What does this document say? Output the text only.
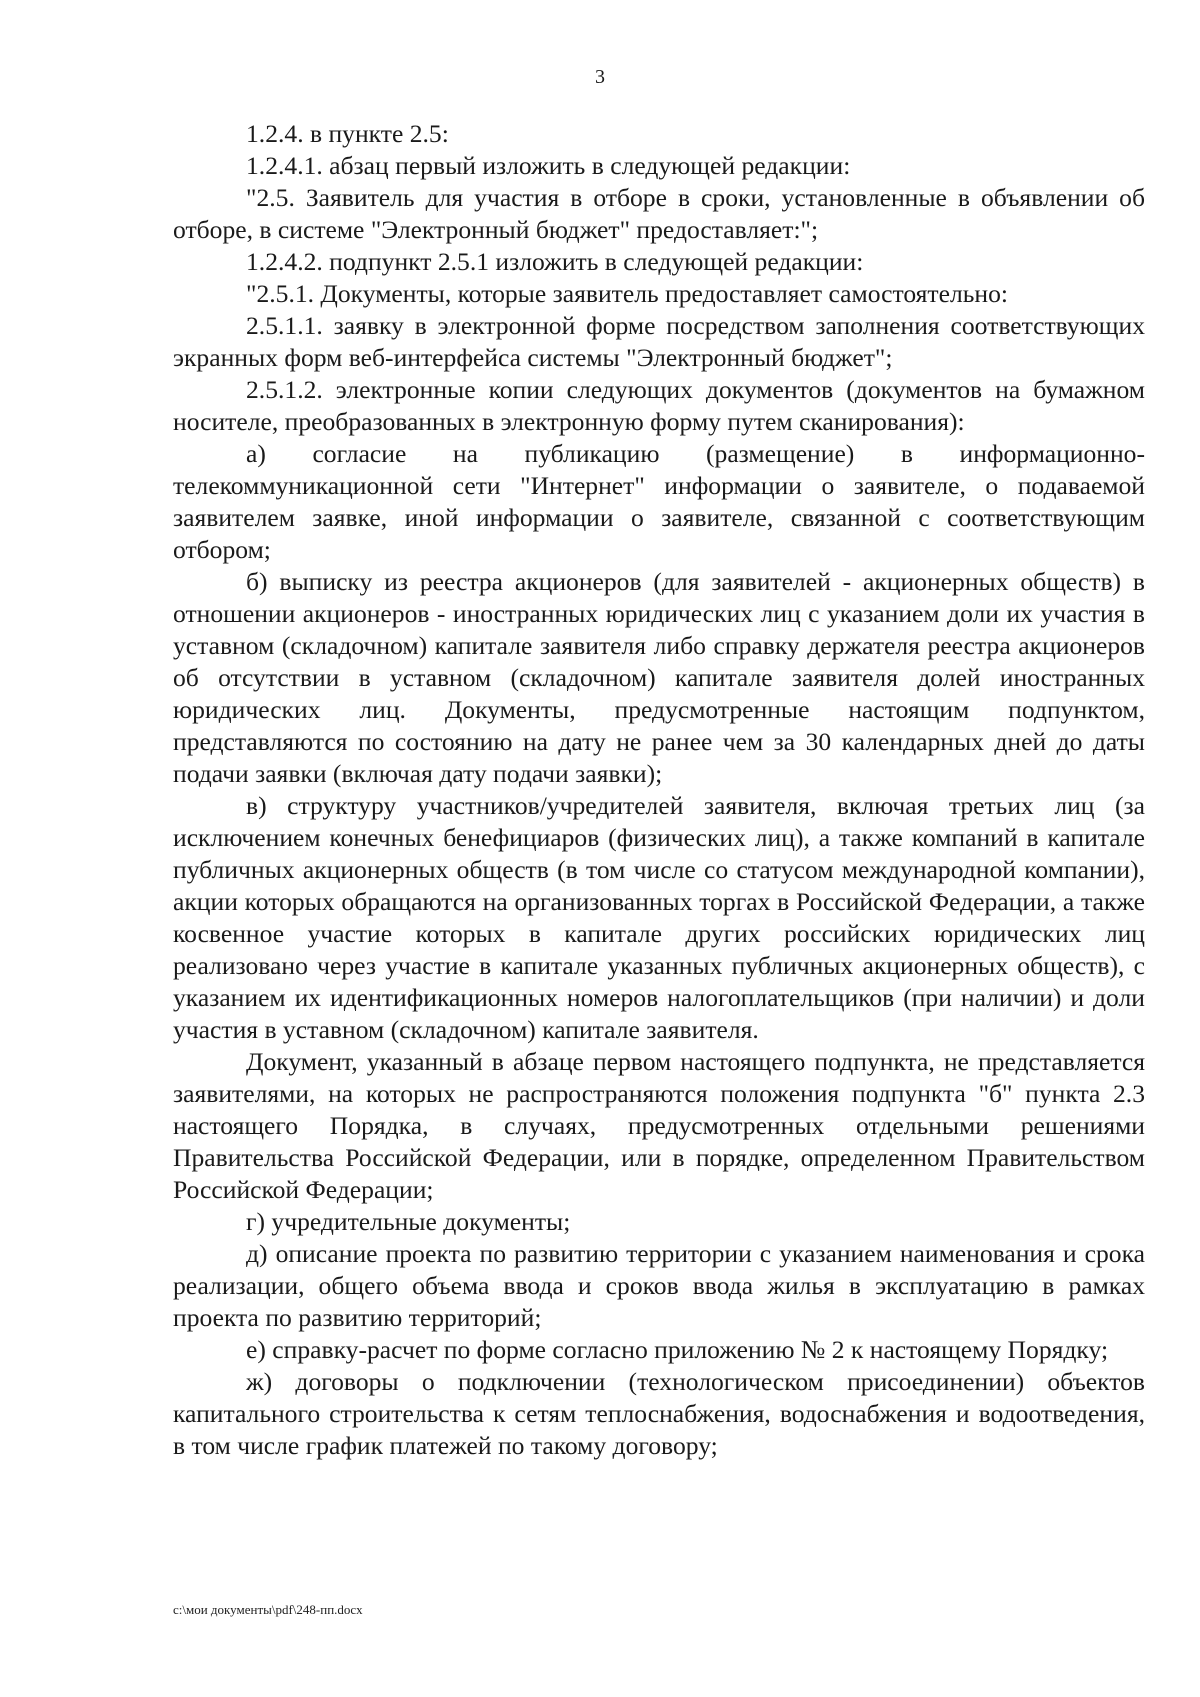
3

1.2.4. в пункте 2.5:

1.2.4.1. абзац первый изложить в следующей редакции:

"2.5. Заявитель для участия в отборе в сроки, установленные в объявлении об отборе, в системе "Электронный бюджет" предоставляет:";

1.2.4.2. подпункт 2.5.1 изложить в следующей редакции:

"2.5.1. Документы, которые заявитель предоставляет самостоятельно:

2.5.1.1. заявку в электронной форме посредством заполнения соответствующих экранных форм веб-интерфейса системы "Электронный бюджет";

2.5.1.2. электронные копии следующих документов (документов на бумажном носителе, преобразованных в электронную форму путем сканирования):

а) согласие на публикацию (размещение) в информационно-телекоммуникационной сети "Интернет" информации о заявителе, о подаваемой заявителем заявке, иной информации о заявителе, связанной с соответствующим отбором;

б) выписку из реестра акционеров (для заявителей - акционерных обществ) в отношении акционеров - иностранных юридических лиц с указанием доли их участия в уставном (складочном) капитале заявителя либо справку держателя реестра акционеров об отсутствии в уставном (складочном) капитале заявителя долей иностранных юридических лиц. Документы, предусмотренные настоящим подпунктом, представляются по состоянию на дату не ранее чем за 30 календарных дней до даты подачи заявки (включая дату подачи заявки);

в) структуру участников/учредителей заявителя, включая третьих лиц (за исключением конечных бенефициаров (физических лиц), а также компаний в капитале публичных акционерных обществ (в том числе со статусом международной компании), акции которых обращаются на организованных торгах в Российской Федерации, а также косвенное участие которых в капитале других российских юридических лиц реализовано через участие в капитале указанных публичных акционерных обществ), с указанием их идентификационных номеров налогоплательщиков (при наличии) и доли участия в уставном (складочном) капитале заявителя.

Документ, указанный в абзаце первом настоящего подпункта, не представляется заявителями, на которых не распространяются положения подпункта "б" пункта 2.3 настоящего Порядка, в случаях, предусмотренных отдельными решениями Правительства Российской Федерации, или в порядке, определенном Правительством Российской Федерации;

г) учредительные документы;

д) описание проекта по развитию территории с указанием наименования и срока реализации, общего объема ввода и сроков ввода жилья в эксплуатацию в рамках проекта по развитию территорий;

е) справку-расчет по форме согласно приложению № 2 к настоящему Порядку;

ж) договоры о подключении (технологическом присоединении) объектов капитального строительства к сетям теплоснабжения, водоснабжения и водоотведения, в том числе график платежей по такому договору;

c:\мои документы\pdf\248-пп.docx
